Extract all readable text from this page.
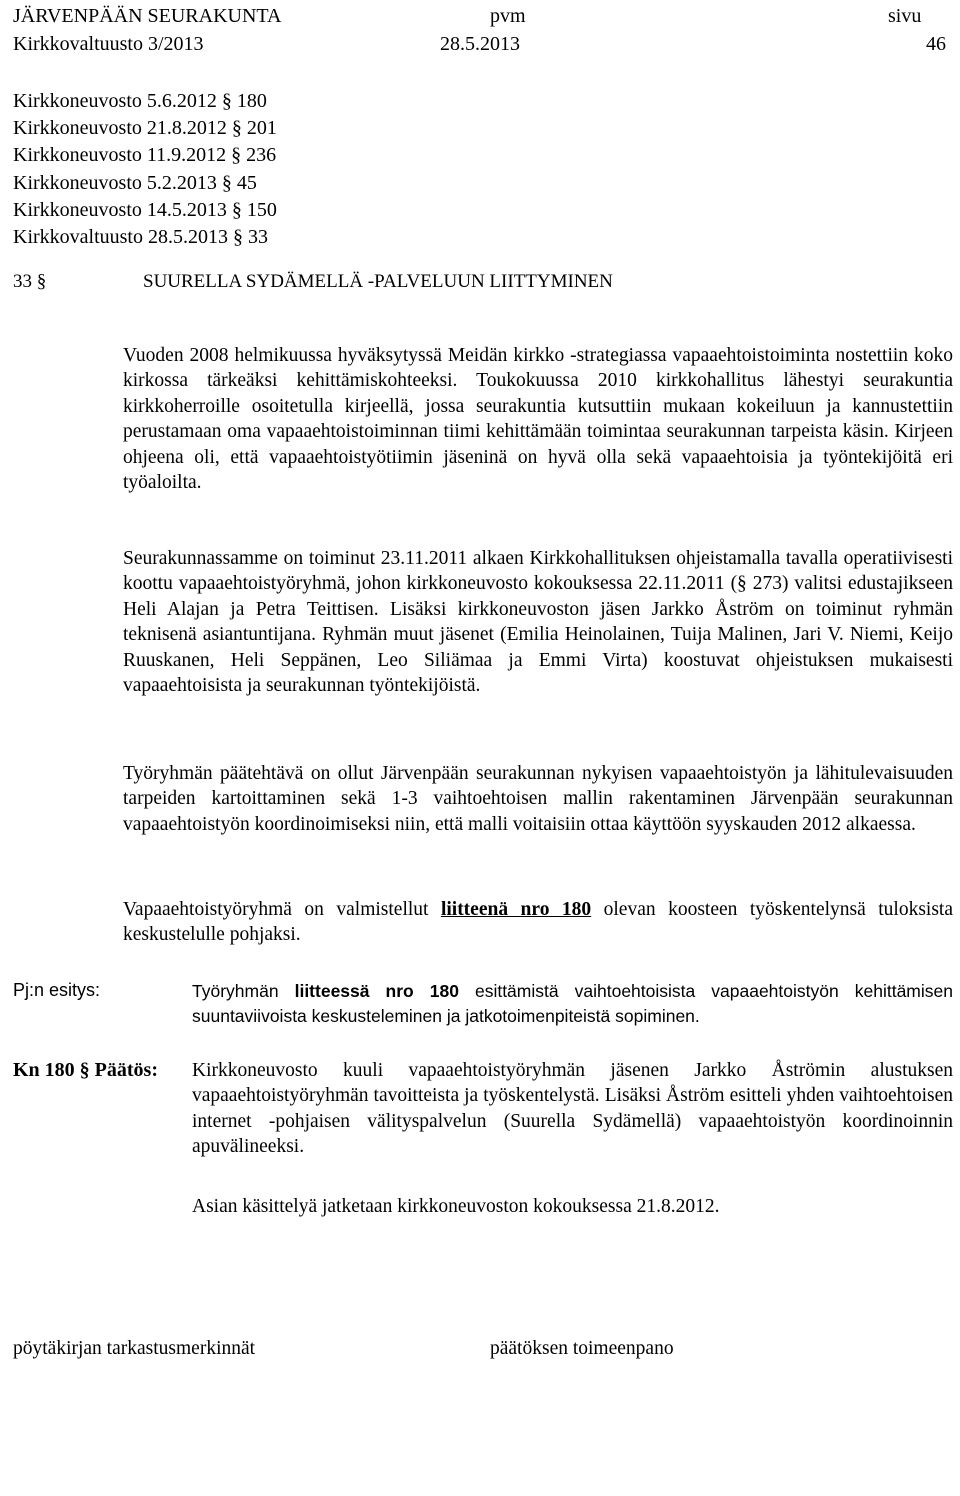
JÄRVENPÄÄN SEURAKUNTA
Kirkkovaltuusto 3/2013
pvm
28.5.2013
sivu
46
Kirkkoneuvosto 5.6.2012 § 180
Kirkkoneuvosto 21.8.2012 § 201
Kirkkoneuvosto 11.9.2012 § 236
Kirkkoneuvosto 5.2.2013 § 45
Kirkkoneuvosto 14.5.2013 § 150
Kirkkovaltuusto 28.5.2013 § 33
33 §	SUURELLA SYDÄMELLÄ -PALVELUUN LIITTYMINEN

Vuoden 2008 helmikuussa hyväksytyssä Meidän kirkko -strategiassa vapaaehtoistoiminta nostettiin koko kirkossa tärkeäksi kehittämiskohteeksi. Toukokuussa 2010 kirkkohallitus lähestyi seurakuntia kirkkoherroille osoitetulla kirjeellä, jossa seurakuntia kutsuttiin mukaan kokeiluun ja kannustettiin perustamaan oma vapaaehtoistoiminnan tiimi kehittämään toimintaa seurakunnan tarpeista käsin. Kirjeen ohjeena oli, että vapaaehtoistyötiimin jäseninä on hyvä olla sekä vapaaehtoisia ja työntekijöitä eri työaloilta.

Seurakunnassamme on toiminut 23.11.2011 alkaen Kirkkohallituksen ohjeistamalla tavalla operatiivisesti koottu vapaaehtoistyöryhmä, johon kirkkoneuvosto kokouksessa 22.11.2011 (§ 273) valitsi edustajikseen Heli Alajan ja Petra Teittisen. Lisäksi kirkkoneuvoston jäsen Jarkko Åström on toiminut ryhmän teknisenä asiantuntijana. Ryhmän muut jäsenet (Emilia Heinolainen, Tuija Malinen, Jari V. Niemi, Keijo Ruuskanen, Heli Seppänen, Leo Siliämaa ja Emmi Virta) koostuvat ohjeistuksen mukaisesti vapaaehtoisista ja seurakunnan työntekijöistä.

Työryhmän päätehtävä on ollut Järvenpään seurakunnan nykyisen vapaaehtoistyön ja lähitulevaisuuden tarpeiden kartoittaminen sekä 1-3 vaihtoehtoisen mallin rakentaminen Järvenpään seurakunnan vapaaehtoistyön koordinoimiseksi niin, että malli voitaisiin ottaa käyttöön syyskauden 2012 alkaessa.

Vapaaehtoistyöryhmä on valmistellut liitteenä nro 180 olevan koosteen työskentelynsä tuloksista keskustelulle pohjaksi.

Pj:n esitys:	Työryhmän liitteessä nro 180 esittämistä vaihtoehtoisista vapaaehtoistyön kehittämisen suuntaviivoista keskusteleminen ja jatkotoimenpiteistä sopiminen.
Kn 180 § Päätös: Kirkkoneuvosto kuuli vapaaehtoistyöryhmän jäsenen Jarkko Åströmin alustuksen vapaaehtoistyöryhmän tavoitteista ja työskentelystä. Lisäksi Åström esitteli yhden vaihtoehtoisen internet -pohjaisen välityspalvelun (Suurella Sydämellä) vapaaehtoistyön koordinoinnin apuvälineeksi.

Asian käsittelyä jatketaan kirkkoneuvoston kokouksessa 21.8.2012.

pöytäkirjan tarkastusmerkinnät	päätöksen toimeenpano
